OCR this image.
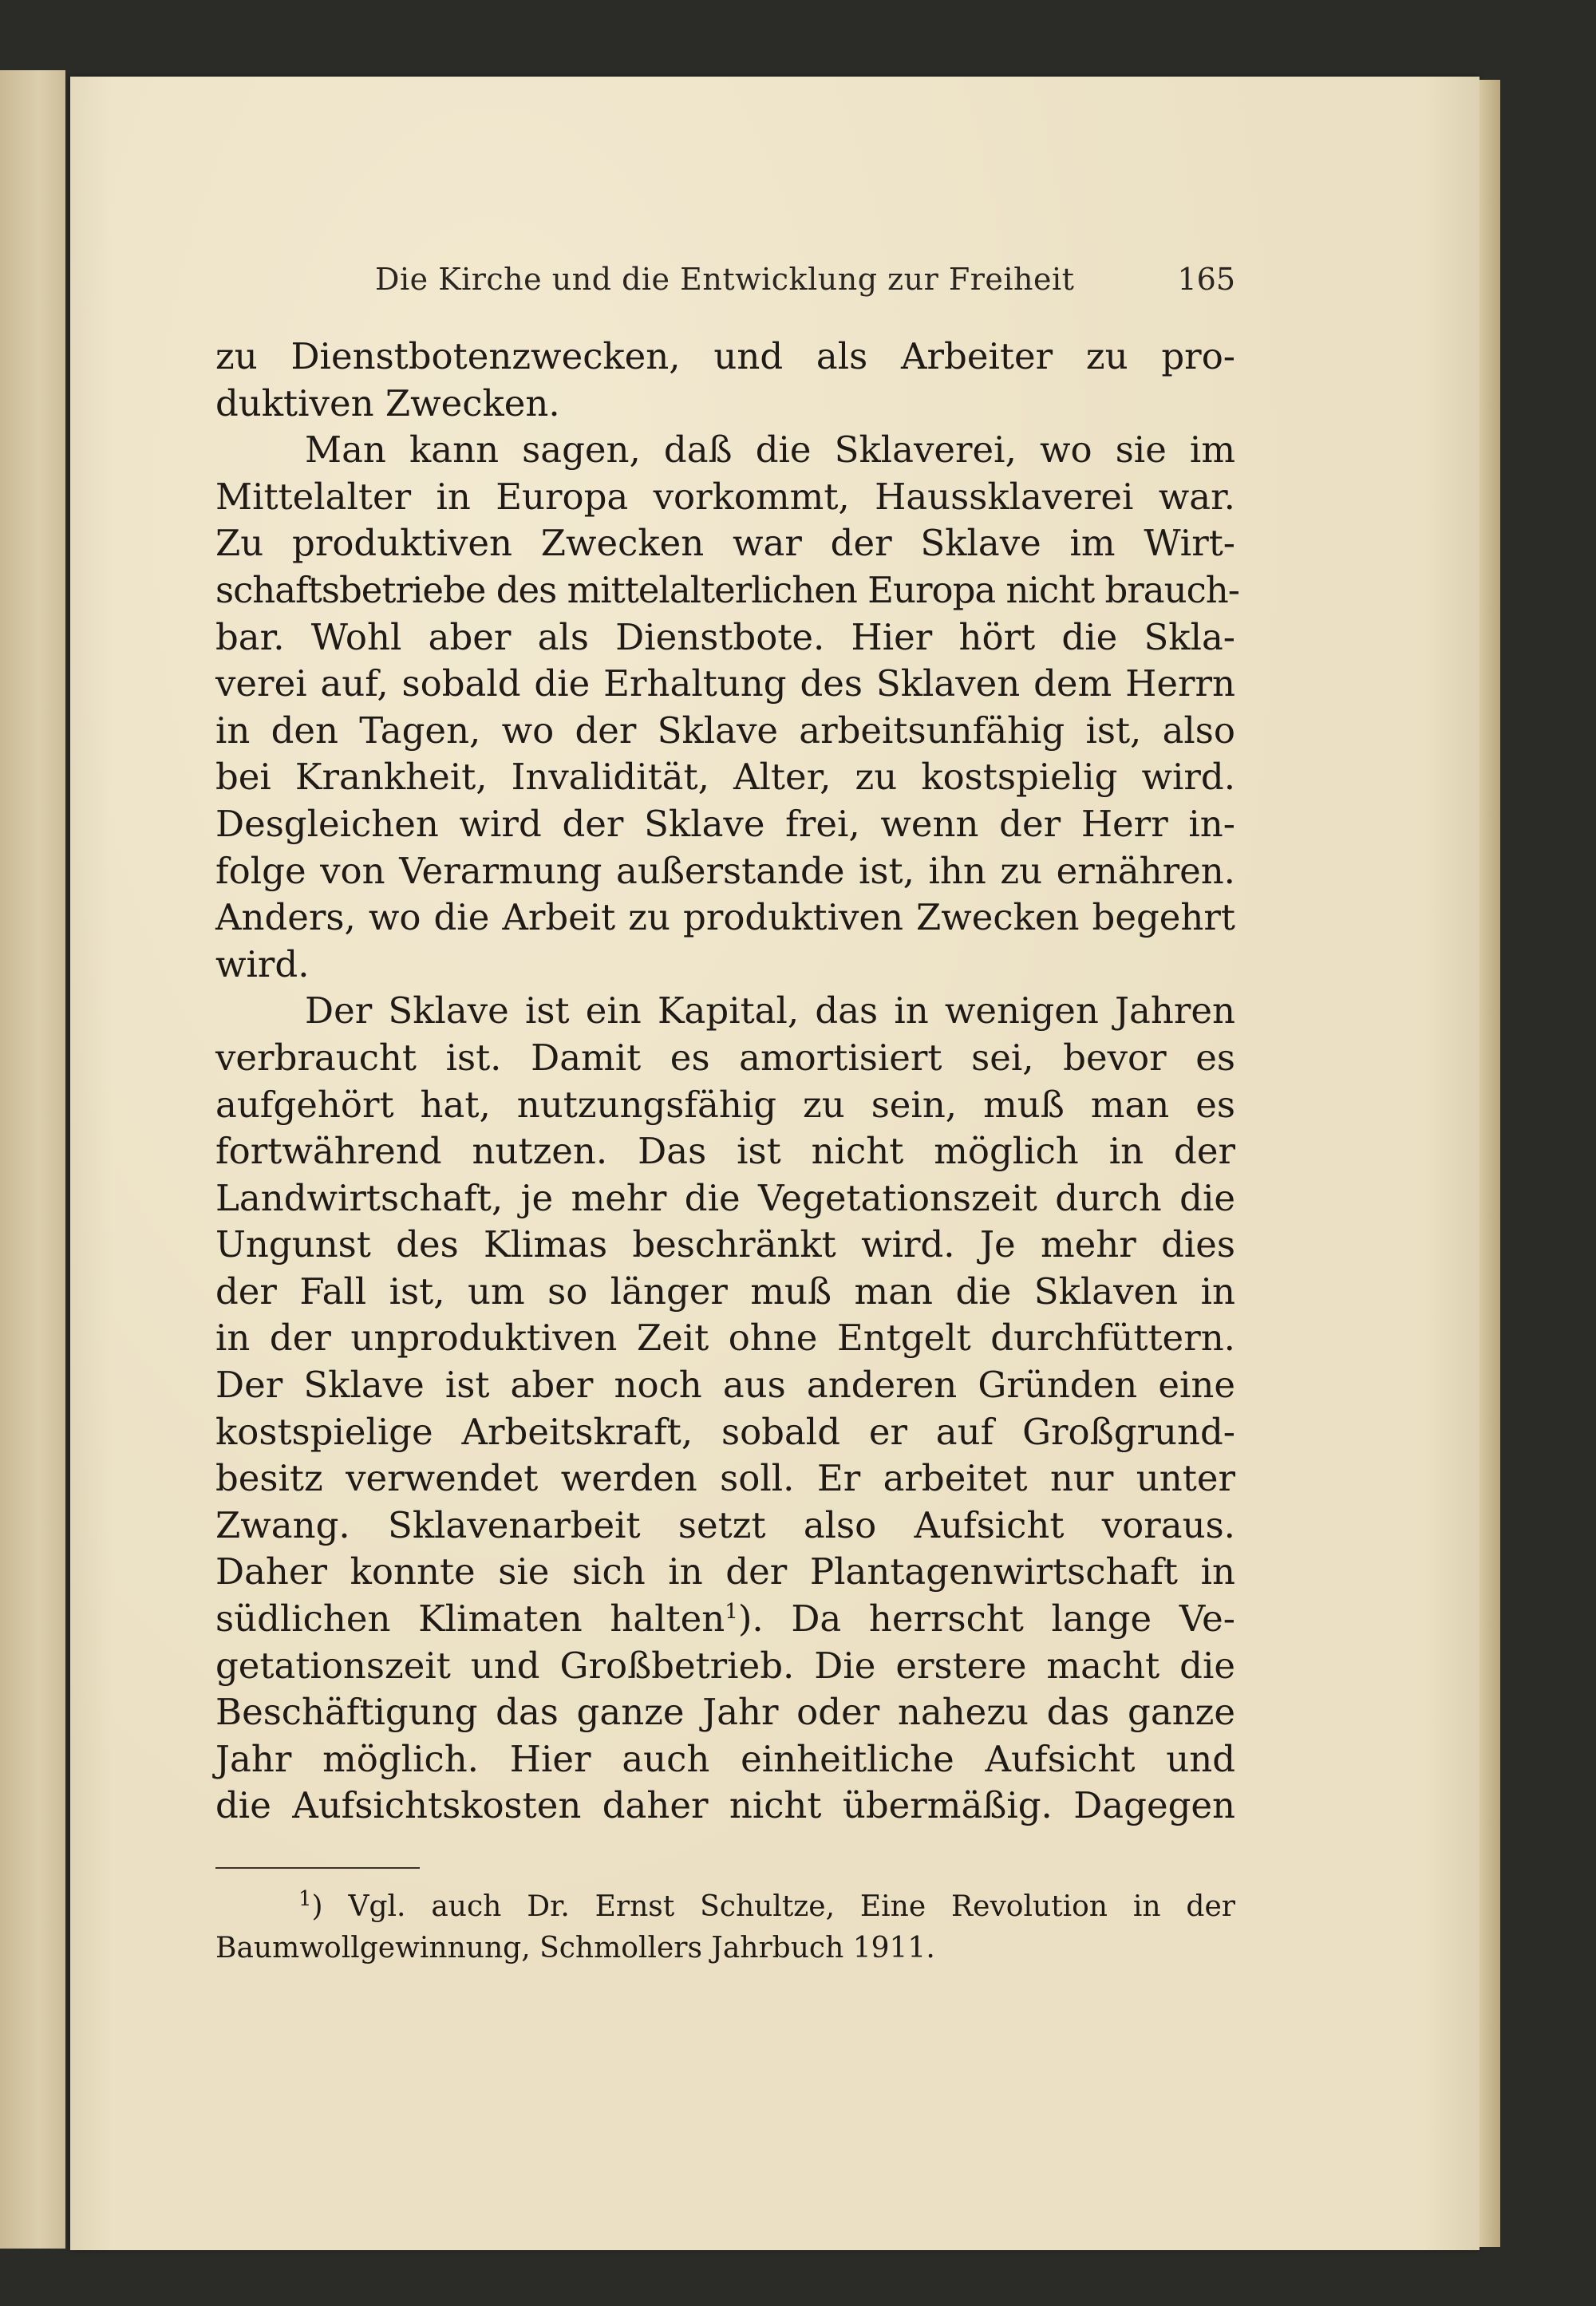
Die Kirche und die Entwicklung zur Freiheit	165
zu Dienstbotenzwecken, und als Arbeiter zu pro-
duktiven Zwecken.
Man kann sagen, daß die Sklaverei, wo sie im
Mittelalter in Europa vorkommt, Haussklaverei war.
Zu produktiven Zwecken war der Sklave im Wirt-
schaftsbetriebe des mittelalterlichen Europa nicht brauch-
bar. Wohl aber als Dienstbote. Hier hört die Skla-
verei auf, sobald die Erhaltung des Sklaven dem Herrn
in den Tagen, wo der Sklave arbeitsunfähig ist, also
bei Krankheit, Invalidität, Alter, zu kostspielig wird.
Desgleichen wird der Sklave frei, wenn der Herr in-
folge von Verarmung außerstande ist, ihn zu ernähren.
Anders, wo die Arbeit zu produktiven Zwecken begehrt
wird.
Der Sklave ist ein Kapital, das in wenigen Jahren
verbraucht ist. Damit es amortisiert sei, bevor es
aufgehört hat, nutzungsfähig zu sein, muß man es
fortwährend nutzen. Das ist nicht möglich in der
Landwirtschaft, je mehr die Vegetationszeit durch die
Ungunst des Klimas beschränkt wird. Je mehr dies
der Fall ist, um so länger muß man die Sklaven in
in der unproduktiven Zeit ohne Entgelt durchfüttern.
Der Sklave ist aber noch aus anderen Gründen eine
kostspielige Arbeitskraft, sobald er auf Großgrund-
besitz verwendet werden soll. Er arbeitet nur unter
Zwang. Sklavenarbeit setzt also Aufsicht voraus.
Daher konnte sie sich in der Plantagenwirtschaft in
südlichen Klimaten halten$^1$). Da herrscht lange Ve-
getationszeit und Großbetrieb. Die erstere macht die
Beschäftigung das ganze Jahr oder nahezu das ganze
Jahr möglich. Hier auch einheitliche Aufsicht und
die Aufsichtskosten daher nicht übermäßig. Dagegen
$^1$) Vgl. auch Dr. Ernst Schultze, Eine Revolution in der
Baumwollgewinnung, Schmollers Jahrbuch 1911.
